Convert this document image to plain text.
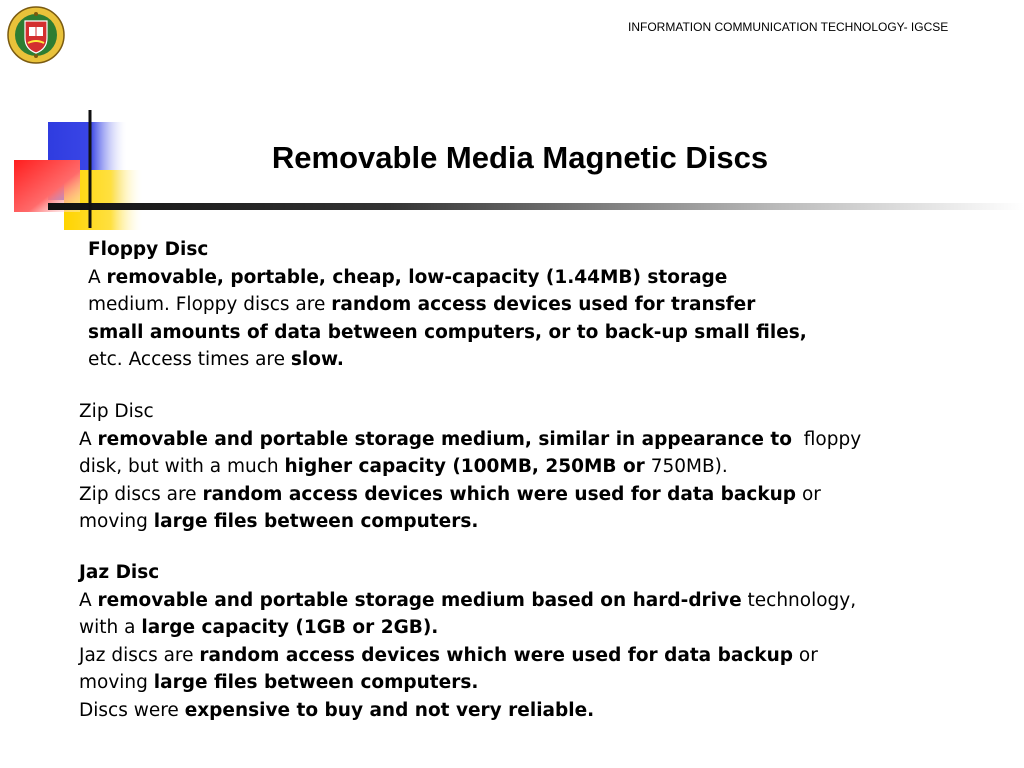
INFORMATION COMMUNICATION TECHNOLOGY- IGCSE
Removable Media Magnetic Discs

Floppy Disc

A removable, portable, cheap, low-capacity (1.44MB) storage

medium. Floppy discs are random access devices used for transfer

small amounts of data between computers, or to back-up small files,

etc. Access times are slow.

Zip Disc

A removable and portable storage medium, similar in appearance to  floppy

disk, but with a much higher capacity (100MB, 250MB or 750MB).

Zip discs are random access devices which were used for data backup or

moving large files between computers.

Jaz Disc

A removable and portable storage medium based on hard-drive technology,

with a large capacity (1GB or 2GB).

Jaz discs are random access devices which were used for data backup or

moving large files between computers.

Discs were expensive to buy and not very reliable.
